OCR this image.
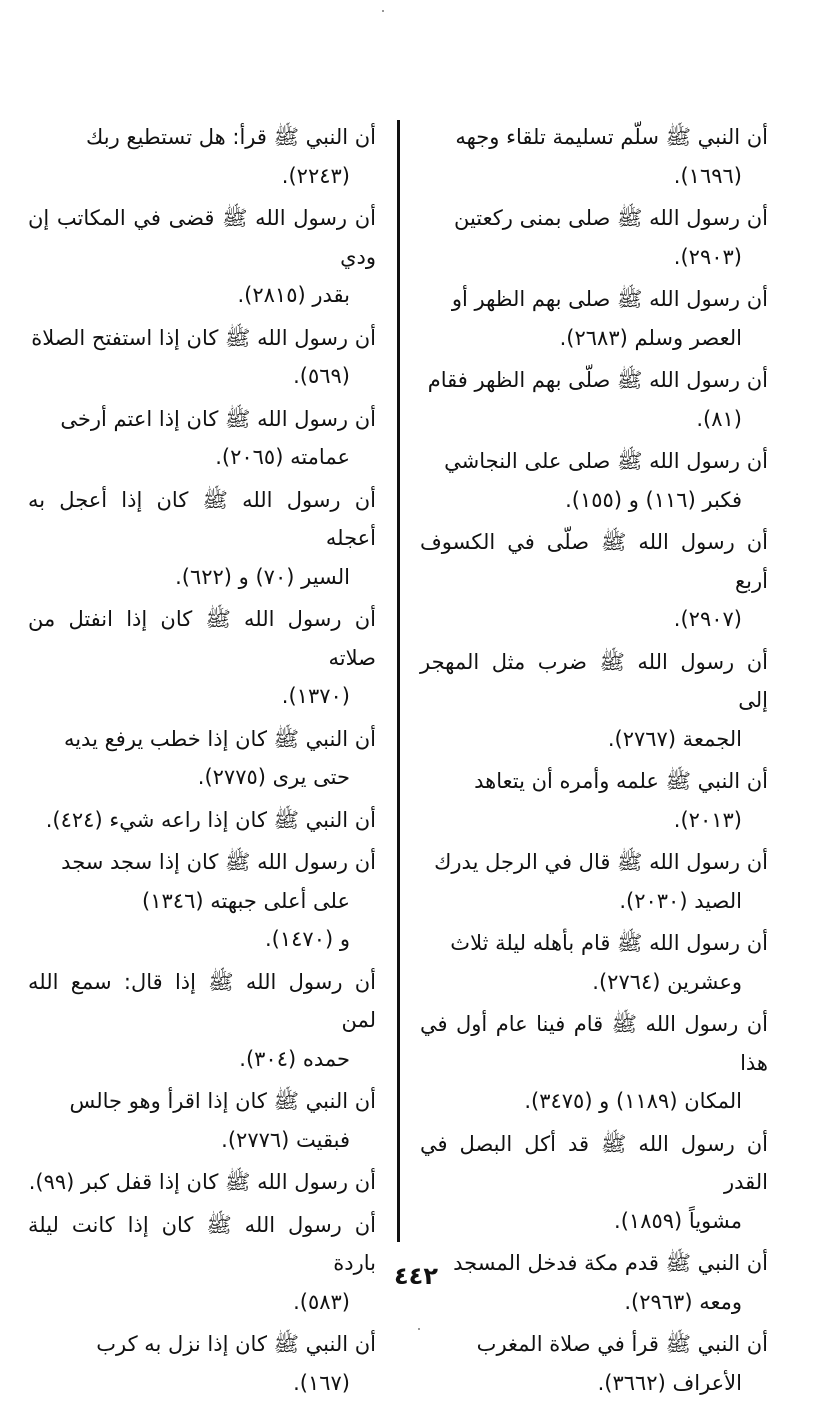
أن النبي ﷺ سلّم تسليمة تلقاء وجهه
(١٦٩٦).
أن رسول الله ﷺ صلى بمنى ركعتين
(٢٩٠٣).
أن رسول الله ﷺ صلى بهم الظهر أو
العصر وسلم (٢٦٨٣).
أن رسول الله ﷺ صلّى بهم الظهر فقام
(٨١).
أن رسول الله ﷺ صلى على النجاشي
فكبر (١١٦) و (١٥٥).
أن رسول الله ﷺ صلّى في الكسوف أربع
(٢٩٠٧).
أن رسول الله ﷺ ضرب مثل المهجر إلى
الجمعة (٢٧٦٧).
أن النبي ﷺ علمه وأمره أن يتعاهد
(٢٠١٣).
أن رسول الله ﷺ قال في الرجل يدرك
الصيد (٢٠٣٠).
أن رسول الله ﷺ قام بأهله ليلة ثلاث
وعشرين (٢٧٦٤).
أن رسول الله ﷺ قام فينا عام أول في هذا
المكان (١١٨٩) و (٣٤٧٥).
أن رسول الله ﷺ قد أكل البصل في القدر
مشوياً (١٨٥٩).
أن النبي ﷺ قدم مكة فدخل المسجد
ومعه (٢٩٦٣).
أن النبي ﷺ قرأ في صلاة المغرب
الأعراف (٣٦٦٢).
أن النبي ﷺ قرأ: هل تستطيع ربك
(٢٢٤٣).
أن رسول الله ﷺ قضى في المكاتب إن ودي
بقدر (٢٨١٥).
أن رسول الله ﷺ كان إذا استفتح الصلاة
(٥٦٩).
أن رسول الله ﷺ كان إذا اعتم أرخى
عمامته (٢٠٦٥).
أن رسول الله ﷺ كان إذا أعجل به أعجله
السير (٧٠) و (٦٢٢).
أن رسول الله ﷺ كان إذا انفتل من صلاته
(١٣٧٠).
أن النبي ﷺ كان إذا خطب يرفع يديه
حتى يرى (٢٧٧٥).
أن النبي ﷺ كان إذا راعه شيء (٤٢٤).
أن رسول الله ﷺ كان إذا سجد سجد
على أعلى جبهته (١٣٤٦)
و (١٤٧٠).
أن رسول الله ﷺ إذا قال: سمع الله لمن
حمده (٣٠٤).
أن النبي ﷺ كان إذا اقرأ وهو جالس
فبقيت (٢٧٧٦).
أن رسول الله ﷺ كان إذا قفل كبر (٩٩).
أن رسول الله ﷺ كان إذا كانت ليلة باردة
(٥٨٣).
أن النبي ﷺ كان إذا نزل به كرب
(١٦٧).
٤٤٢
